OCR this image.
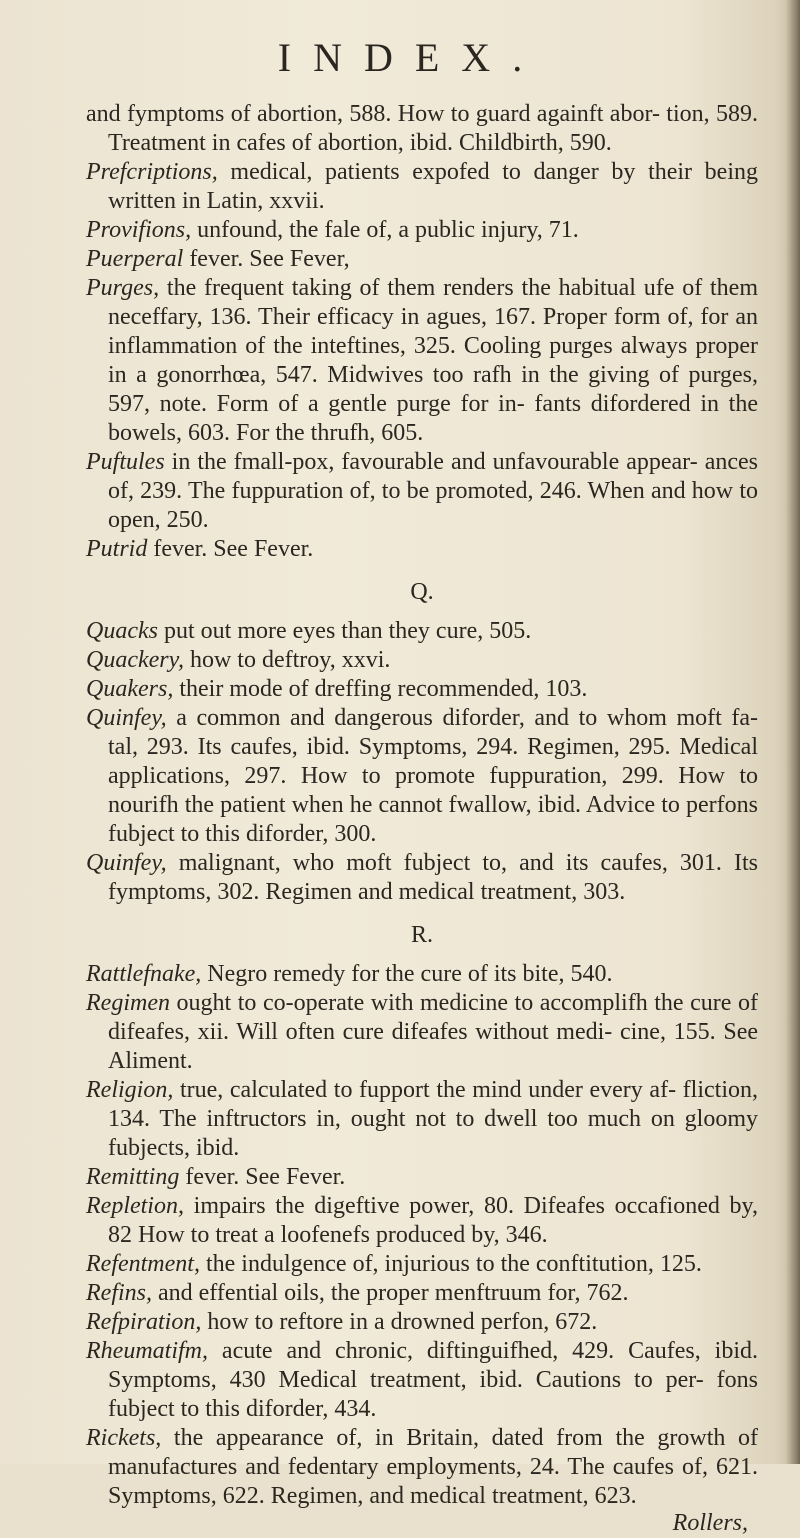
INDEX.

and fymptoms of abortion, 588. How to guard againft abor- tion, 589. Treatment in cafes of abortion, ibid. Childbirth, 590.

Prefcriptions, medical, patients expofed to danger by their being written in Latin, xxvii.

Provifions, unfound, the fale of, a public injury, 71.

Puerperal fever. See Fever,

Purges, the frequent taking of them renders the habitual ufe of them neceffary, 136. Their efficacy in agues, 167. Proper form of, for an inflammation of the inteftines, 325. Cooling purges always proper in a gonorrhœa, 547. Midwives too rafh in the giving of purges, 597, note. Form of a gentle purge for in- fants difordered in the bowels, 603. For the thrufh, 605.

Puftules in the fmall-pox, favourable and unfavourable appear- ances of, 239. The fuppuration of, to be promoted, 246. When and how to open, 250.

Putrid fever. See Fever.

Q.

Quacks put out more eyes than they cure, 505.

Quackery, how to deftroy, xxvi.

Quakers, their mode of dreffing recommended, 103.

Quinfey, a common and dangerous diforder, and to whom moft fa- tal, 293. Its caufes, ibid. Symptoms, 294. Regimen, 295. Medical applications, 297. How to promote fuppuration, 299. How to nourifh the patient when he cannot fwallow, ibid. Advice to perfons fubject to this diforder, 300.

Quinfey, malignant, who moft fubject to, and its caufes, 301. Its fymptoms, 302. Regimen and medical treatment, 303.

R.

Rattlefnake, Negro remedy for the cure of its bite, 540.

Regimen ought to co-operate with medicine to accomplifh the cure of difeafes, xii. Will often cure difeafes without medi- cine, 155. See Aliment.

Religion, true, calculated to fupport the mind under every af- fliction, 134. The inftructors in, ought not to dwell too much on gloomy fubjects, ibid.

Remitting fever. See Fever.

Repletion, impairs the digeftive power, 80. Difeafes occafioned by, 82 How to treat a loofenefs produced by, 346.

Refentment, the indulgence of, injurious to the conftitution, 125.

Refins, and effential oils, the proper menftruum for, 762.

Refpiration, how to reftore in a drowned perfon, 672.

Rheumatifm, acute and chronic, diftinguifhed, 429. Caufes, ibid. Symptoms, 430 Medical treatment, ibid. Cautions to per- fons fubject to this diforder, 434.

Rickets, the appearance of, in Britain, dated from the growth of manufactures and fedentary employments, 24. The caufes of, 621. Symptoms, 622. Regimen, and medical treatment, 623.

Rollers,
